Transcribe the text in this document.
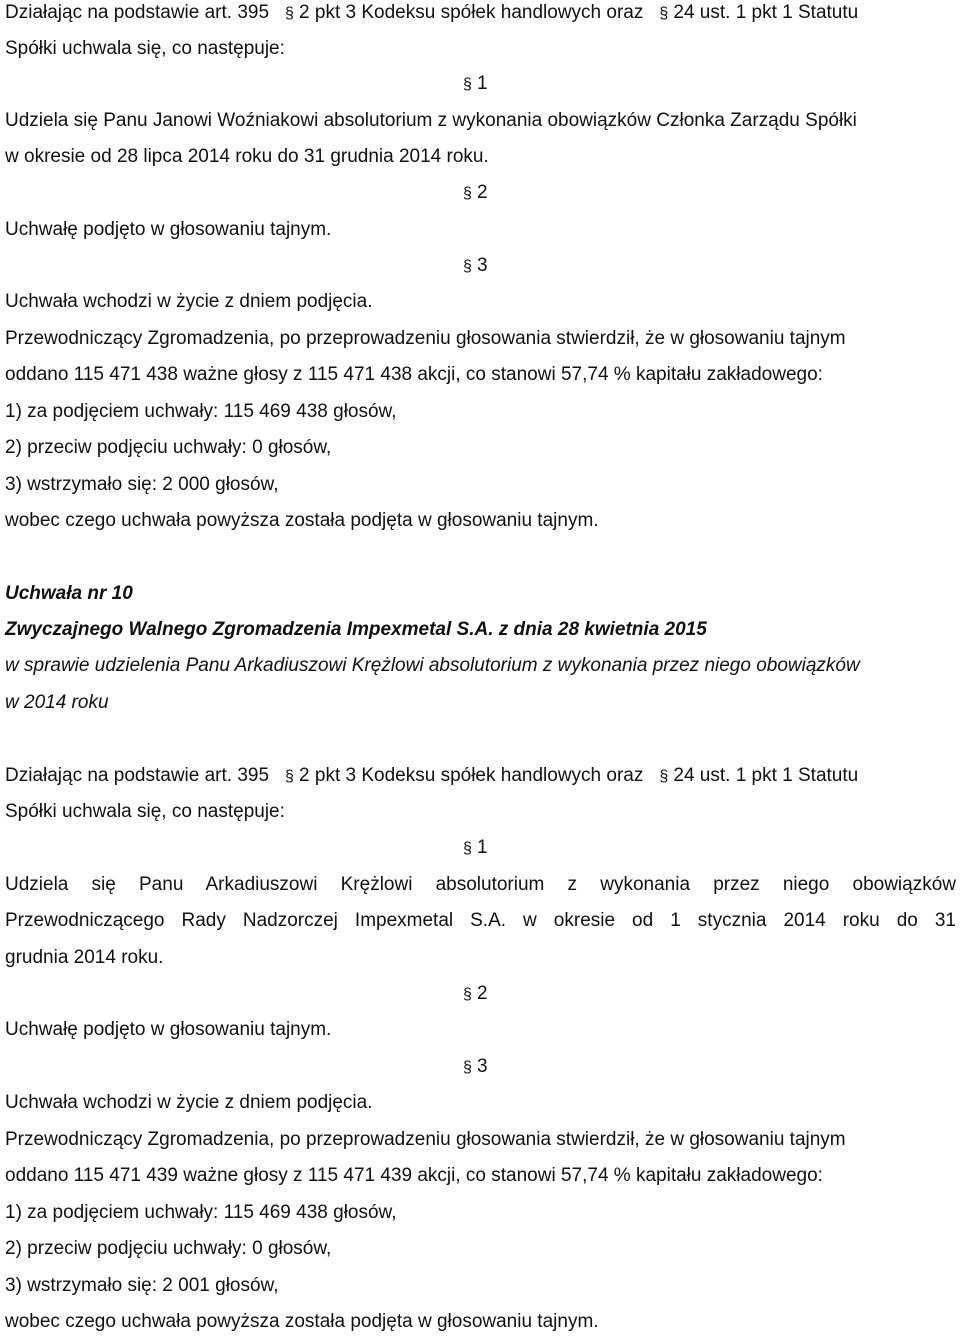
Działając na podstawie art. 395 § 2 pkt 3 Kodeksu spółek handlowych oraz § 24 ust. 1 pkt 1 Statutu
Spółki uchwala się, co następuje:
§ 1
Udziela się Panu Janowi Woźniakowi absolutorium z wykonania obowiązków Członka Zarządu Spółki
w okresie od 28 lipca 2014 roku do 31 grudnia 2014 roku.
§ 2
Uchwałę podjęto w głosowaniu tajnym.
§ 3
Uchwała wchodzi w życie z dniem podjęcia.
Przewodniczący Zgromadzenia, po przeprowadzeniu głosowania stwierdził, że w głosowaniu tajnym
oddano 115 471 438 ważne głosy z 115 471 438 akcji, co stanowi 57,74 % kapitału zakładowego:
1) za podjęciem uchwały: 115 469 438 głosów,
2) przeciw podjęciu uchwały: 0 głosów,
3) wstrzymało się: 2 000 głosów,
wobec czego uchwała powyższa została podjęta w głosowaniu tajnym.
Uchwała nr 10
Zwyczajnego Walnego Zgromadzenia Impexmetal S.A. z dnia 28 kwietnia 2015
w sprawie udzielenia Panu Arkadiuszowi Krężlowi absolutorium z wykonania przez niego obowiązków
w 2014 roku
Działając na podstawie art. 395 § 2 pkt 3 Kodeksu spółek handlowych oraz § 24 ust. 1 pkt 1 Statutu
Spółki uchwala się, co następuje:
§ 1
Udziela się Panu Arkadiuszowi Krężlowi absolutorium z wykonania przez niego obowiązków
Przewodniczącego Rady Nadzorczej Impexmetal S.A. w okresie od 1 stycznia 2014 roku do 31
grudnia 2014 roku.
§ 2
Uchwałę podjęto w głosowaniu tajnym.
§ 3
Uchwała wchodzi w życie z dniem podjęcia.
Przewodniczący Zgromadzenia, po przeprowadzeniu głosowania stwierdził, że w głosowaniu tajnym
oddano 115 471 439 ważne głosy z 115 471 439 akcji, co stanowi 57,74 % kapitału zakładowego:
1) za podjęciem uchwały: 115 469 438 głosów,
2) przeciw podjęciu uchwały: 0 głosów,
3) wstrzymało się: 2 001 głosów,
wobec czego uchwała powyższa została podjęta w głosowaniu tajnym.
